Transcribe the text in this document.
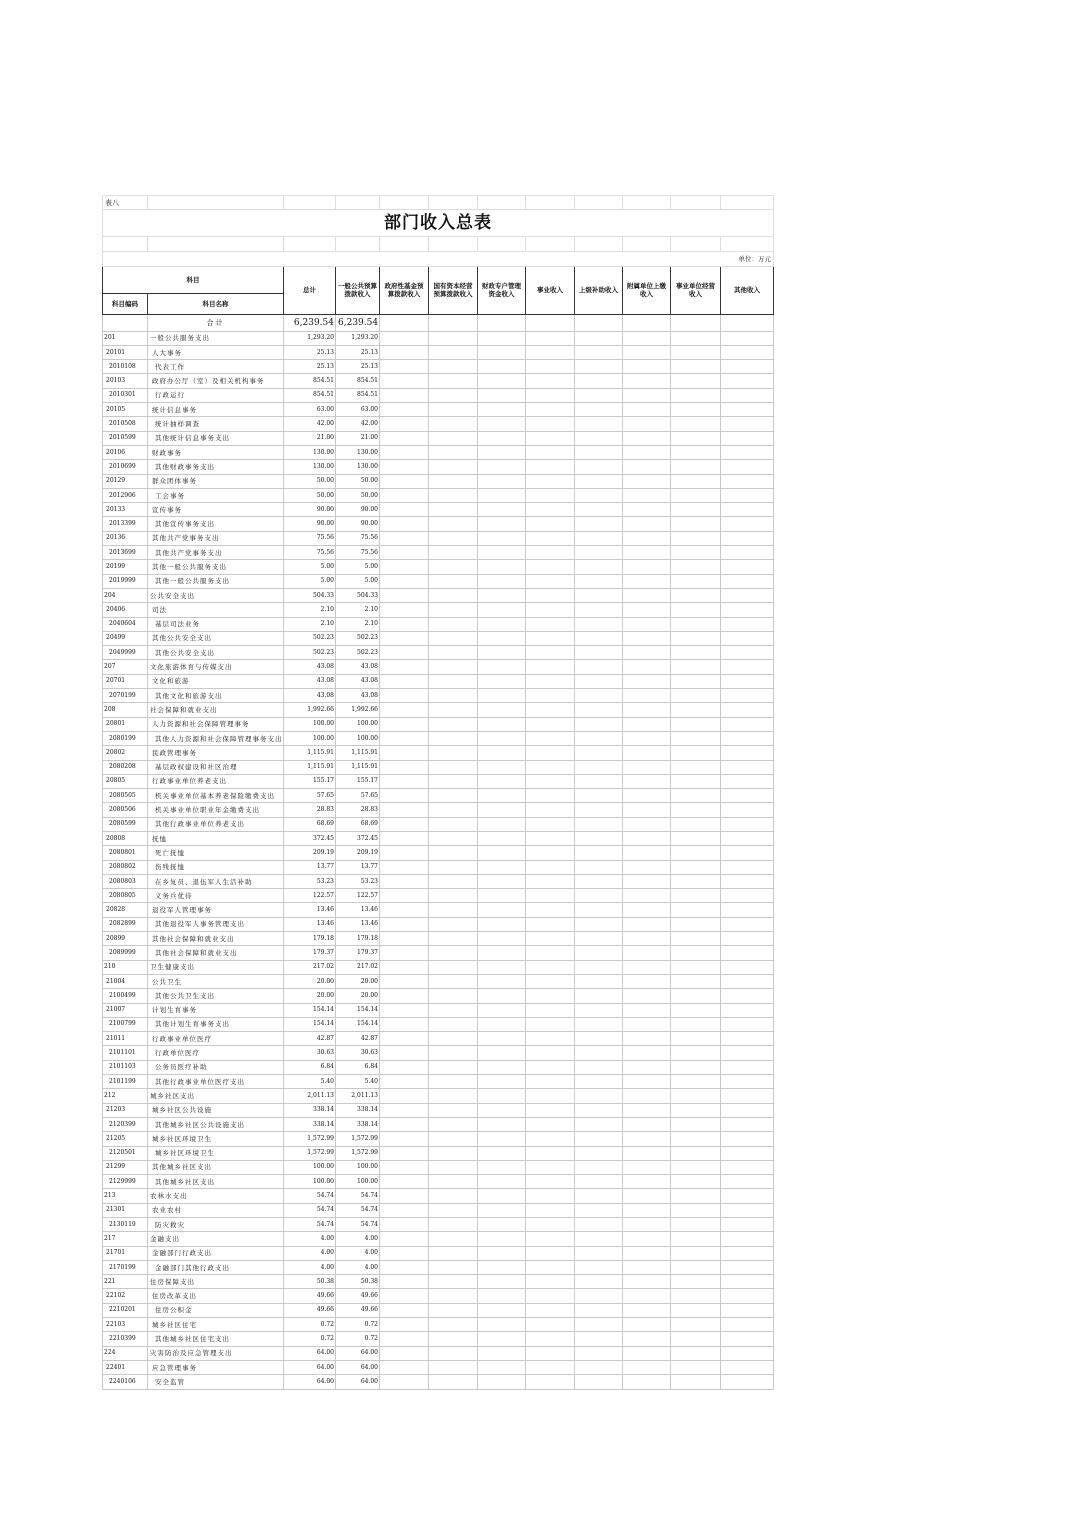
表八											
部门收入总表											

											单位：万元
科目		总计	一般公共预算拨款收入	政府性基金预算拨款收入	国有资本经营预算拨款收入	财政专户管理资金收入	事业收入	上级补助收入	附属单位上缴收入	事业单位经营收入	其他收入
科目编码	科目名称										
	合计	6,239.54	6,239.54								
201	一般公共服务支出	1,293.20	1,293.20								
20101	人大事务	25.13	25.13								
2010108	代表工作	25.13	25.13								
20103	政府办公厅（室）及相关机构事务	854.51	854.51								
2010301	行政运行	854.51	854.51								
20105	统计信息事务	63.00	63.00								
2010508	统计抽样调查	42.00	42.00								
2010599	其他统计信息事务支出	21.00	21.00								
20106	财政事务	130.00	130.00								
2010699	其他财政事务支出	130.00	130.00								
20129	群众团体事务	50.00	50.00								
2012906	工会事务	50.00	50.00								
20133	宣传事务	90.00	90.00								
2013399	其他宣传事务支出	90.00	90.00								
20136	其他共产党事务支出	75.56	75.56								
2013699	其他共产党事务支出	75.56	75.56								
20199	其他一般公共服务支出	5.00	5.00								
2019999	其他一般公共服务支出	5.00	5.00								
204	公共安全支出	504.33	504.33								
20406	司法	2.10	2.10								
2040604	基层司法业务	2.10	2.10								
20499	其他公共安全支出	502.23	502.23								
2049999	其他公共安全支出	502.23	502.23								
207	文化旅游体育与传媒支出	43.08	43.08								
20701	文化和旅游	43.08	43.08								
2070199	其他文化和旅游支出	43.08	43.08								
208	社会保障和就业支出	1,992.66	1,992.66								
20801	人力资源和社会保障管理事务	100.00	100.00								
2080199	其他人力资源和社会保障管理事务支出	100.00	100.00								
20802	民政管理事务	1,115.91	1,115.91								
2080208	基层政权建设和社区治理	1,115.91	1,115.91								
20805	行政事业单位养老支出	155.17	155.17								
2080505	机关事业单位基本养老保险缴费支出	57.65	57.65								
2080506	机关事业单位职业年金缴费支出	28.83	28.83								
2080599	其他行政事业单位养老支出	68.69	68.69								
20808	抚恤	372.45	372.45								
2080801	死亡抚恤	209.19	209.19								
2080802	伤残抚恤	13.77	13.77								
2080803	在乡复员、退伍军人生活补助	53.23	53.23								
2080805	义务兵优待	122.57	122.57								
20828	退役军人管理事务	13.46	13.46								
2082899	其他退役军人事务管理支出	13.46	13.46								
20899	其他社会保障和就业支出	179.18	179.18								
2089999	其他社会保障和就业支出	179.37	179.37								
210	卫生健康支出	217.02	217.02								
21004	公共卫生	20.00	20.00								
2100499	其他公共卫生支出	20.00	20.00								
21007	计划生育事务	154.14	154.14								
2100799	其他计划生育事务支出	154.14	154.14								
21011	行政事业单位医疗	42.87	42.87								
2101101	行政单位医疗	30.63	30.63								
2101103	公务员医疗补助	6.84	6.84								
2101199	其他行政事业单位医疗支出	5.40	5.40								
212	城乡社区支出	2,011.13	2,011.13								
21203	城乡社区公共设施	338.14	338.14								
2120399	其他城乡社区公共设施支出	338.14	338.14								
21205	城乡社区环境卫生	1,572.99	1,572.99								
2120501	城乡社区环境卫生	1,572.99	1,572.99								
21299	其他城乡社区支出	100.00	100.00								
2129999	其他城乡社区支出	100.00	100.00								
213	农林水支出	54.74	54.74								
21301	农业农村	54.74	54.74								
2130119	防灾救灾	54.74	54.74								
217	金融支出	4.00	4.00								
21701	金融部门行政支出	4.00	4.00								
2170199	金融部门其他行政支出	4.00	4.00								
221	住房保障支出	50.38	50.38								
22102	住房改革支出	49.66	49.66								
2210201	住房公积金	49.66	49.66								
22103	城乡社区住宅	0.72	0.72								
2210399	其他城乡社区住宅支出	0.72	0.72								
224	灾害防治及应急管理支出	64.00	64.00								
22401	应急管理事务	64.00	64.00								
2240106	安全监管	64.00	64.00								
